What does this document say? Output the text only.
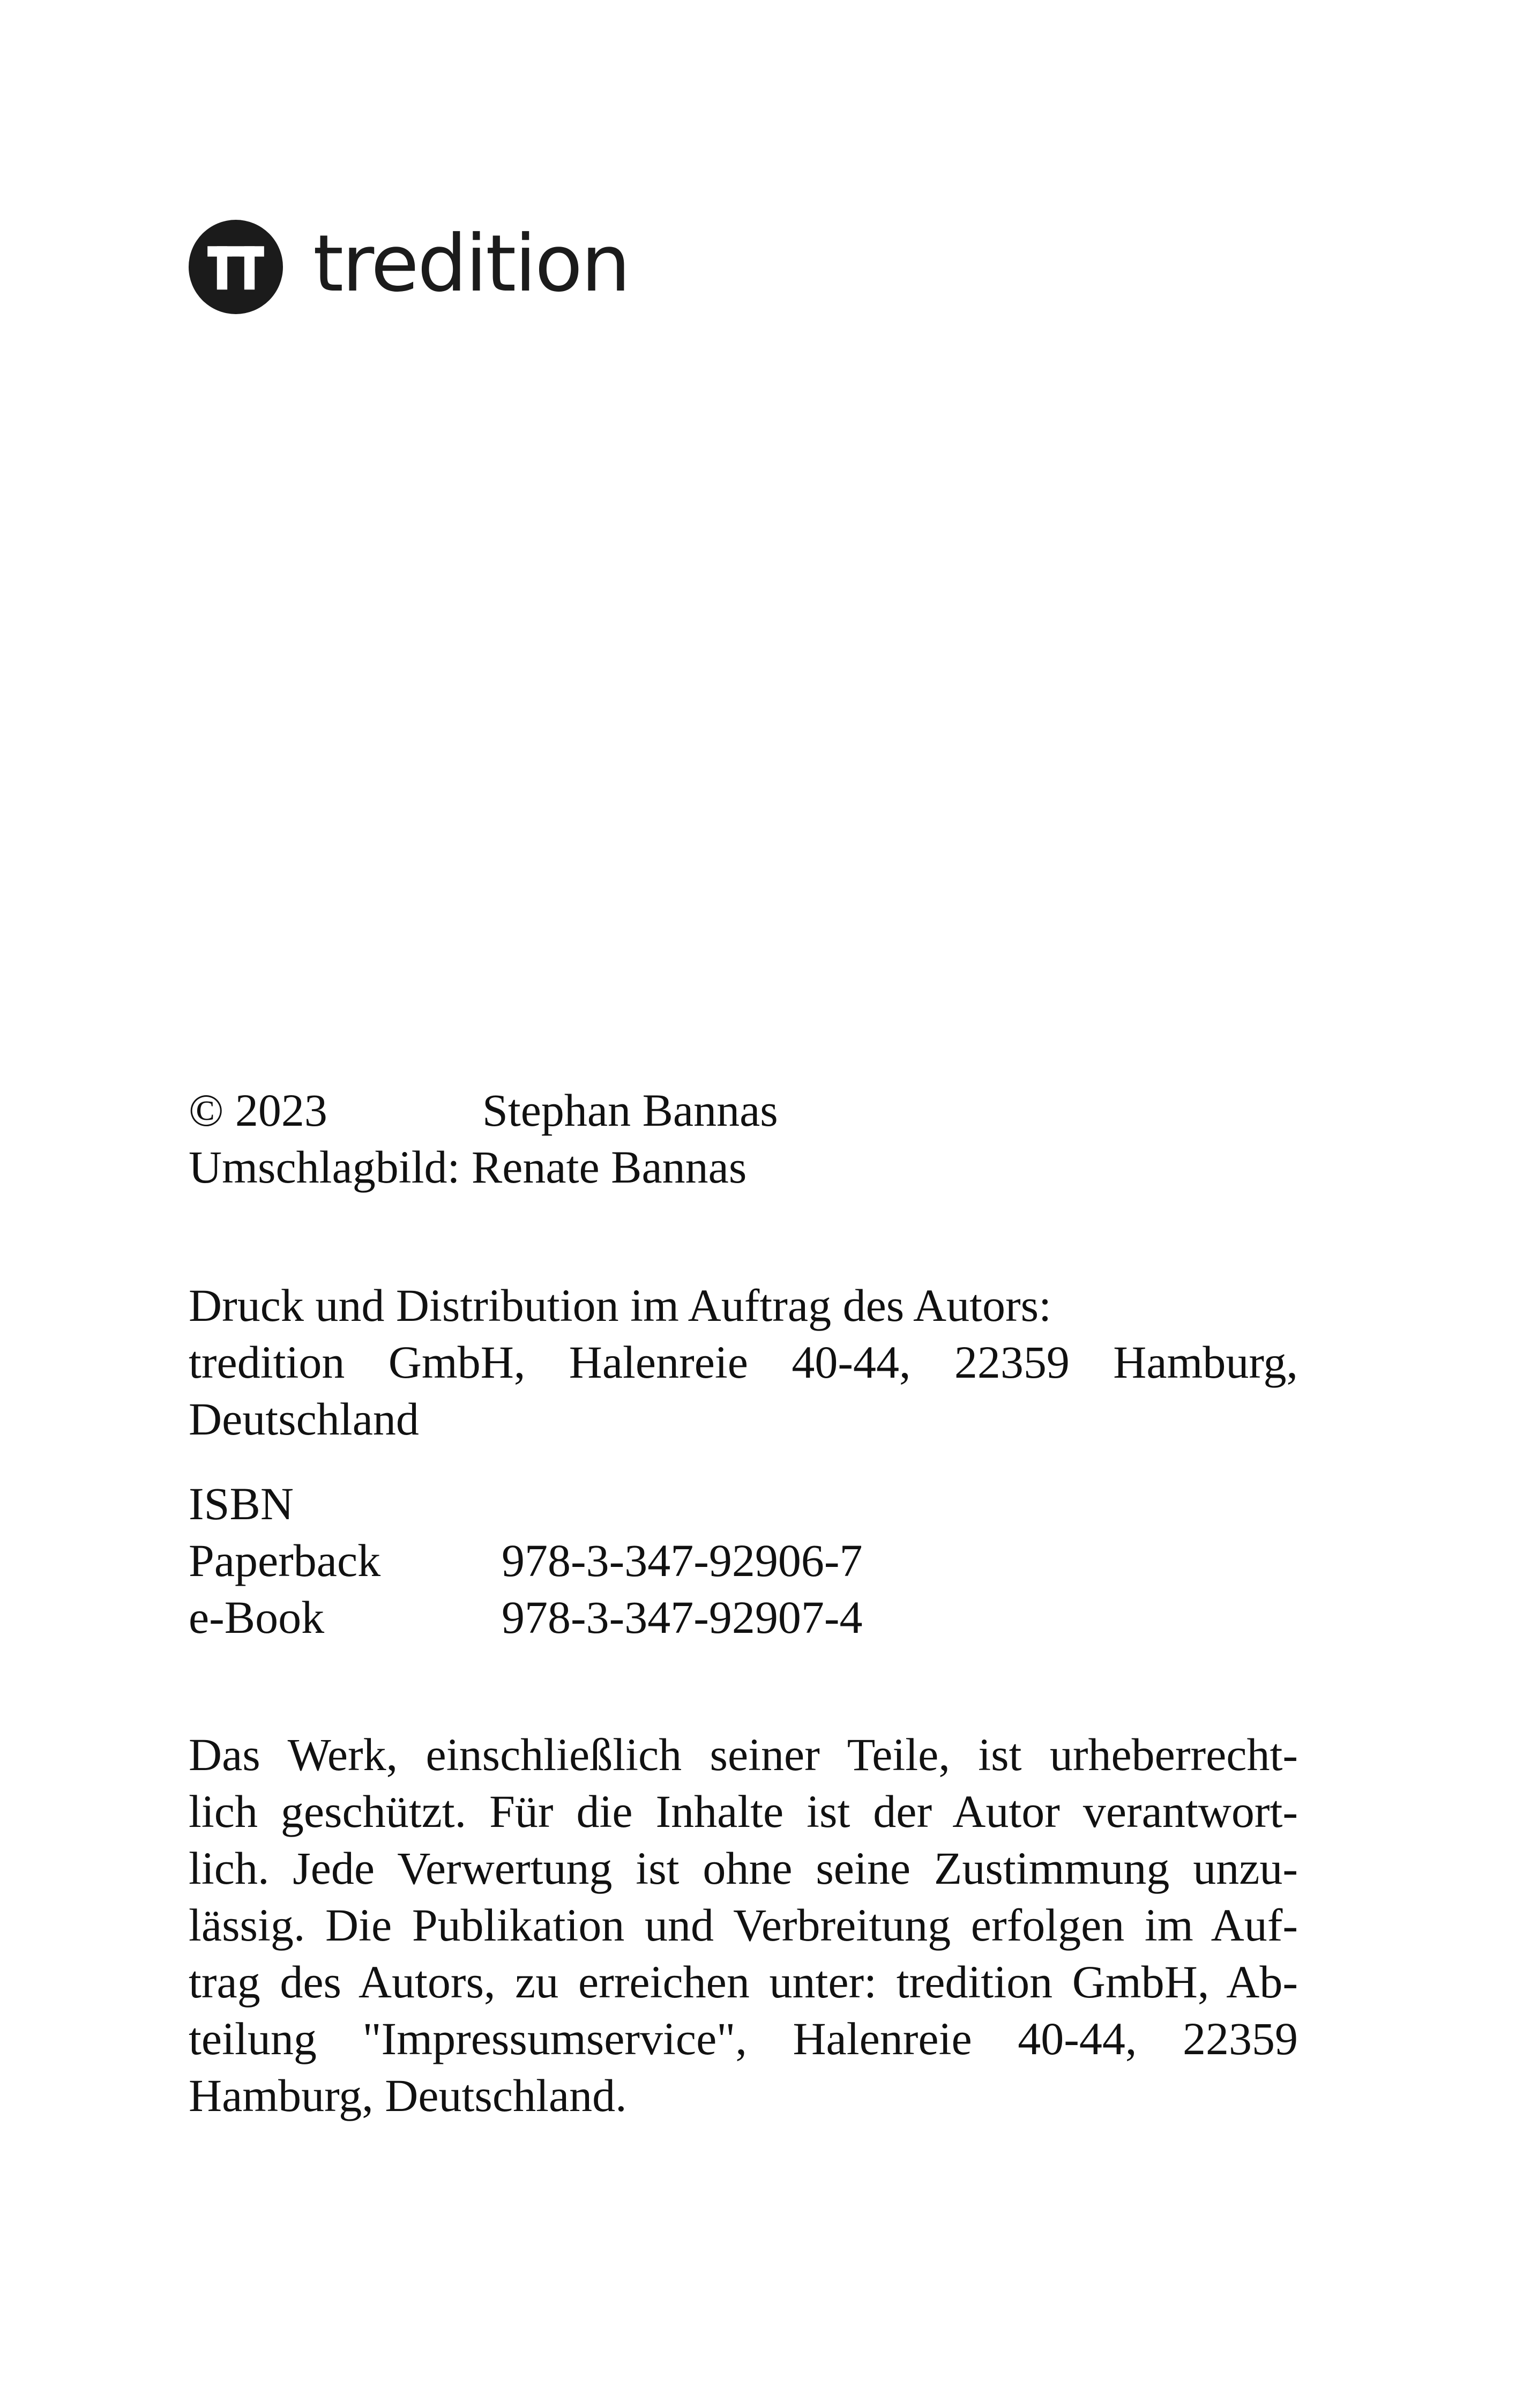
tredition
© 2023	Stephan Bannas
Umschlagbild: Renate Bannas
Druck und Distribution im Auftrag des Autors:
tredition GmbH, Halenreie 40-44, 22359 Hamburg,
Deutschland
ISBN
Paperback	978-3-347-92906-7
e-Book	978-3-347-92907-4
Das Werk, einschließlich seiner Teile, ist urheberrecht-
lich geschützt. Für die Inhalte ist der Autor verantwort-
lich. Jede Verwertung ist ohne seine Zustimmung unzu-
lässig. Die Publikation und Verbreitung erfolgen im Auf-
trag des Autors, zu erreichen unter: tredition GmbH, Ab-
teilung "Impressumservice", Halenreie 40-44, 22359
Hamburg, Deutschland.
